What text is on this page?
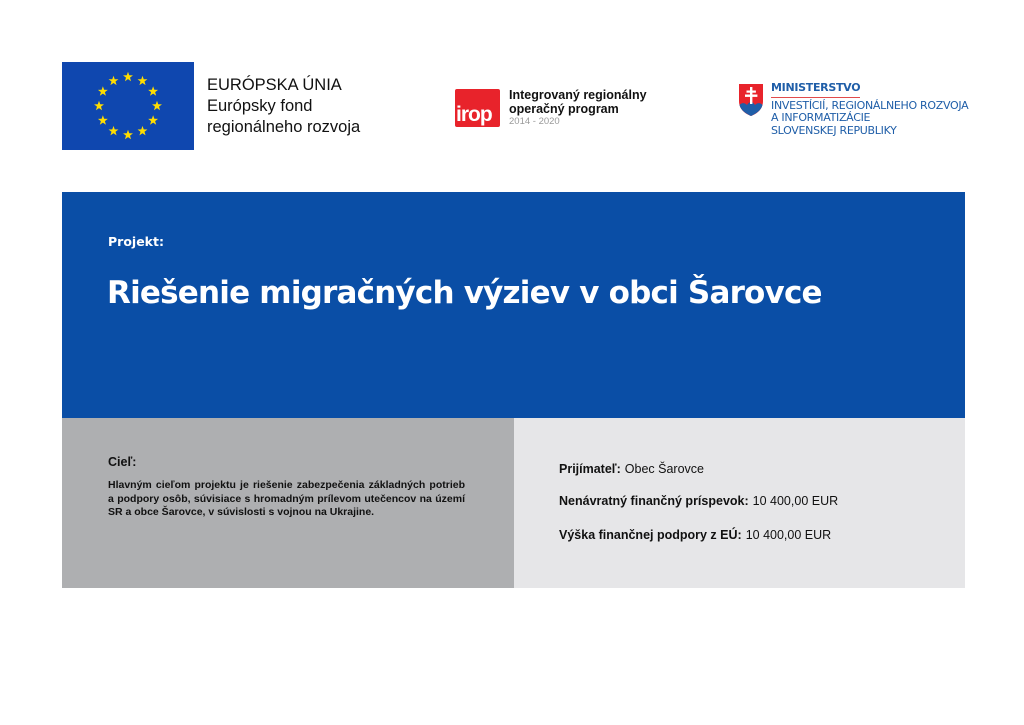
EURÓPSKA ÚNIA
Európsky fond
regionálneho rozvoja
irop
Integrovaný regionálny
operačný program
2014 - 2020
MINISTERSTVO
INVESTÍCIÍ, REGIONÁLNEHO ROZVOJA
A INFORMATIZÁCIE
SLOVENSKEJ REPUBLIKY
Projekt:
Riešenie migračných výziev v obci Šarovce
Cieľ:
Hlavným cieľom projektu je riešenie zabezpečenia základných potrieb a podpory osôb, súvisiace s hromadným prílevom utečencov na území SR a obce Šarovce, v súvislosti s vojnou na Ukrajine.
Prijímateľ: Obec Šarovce
Nenávratný finančný príspevok: 10 400,00 EUR
Výška finančnej podpory z EÚ: 10 400,00 EUR
